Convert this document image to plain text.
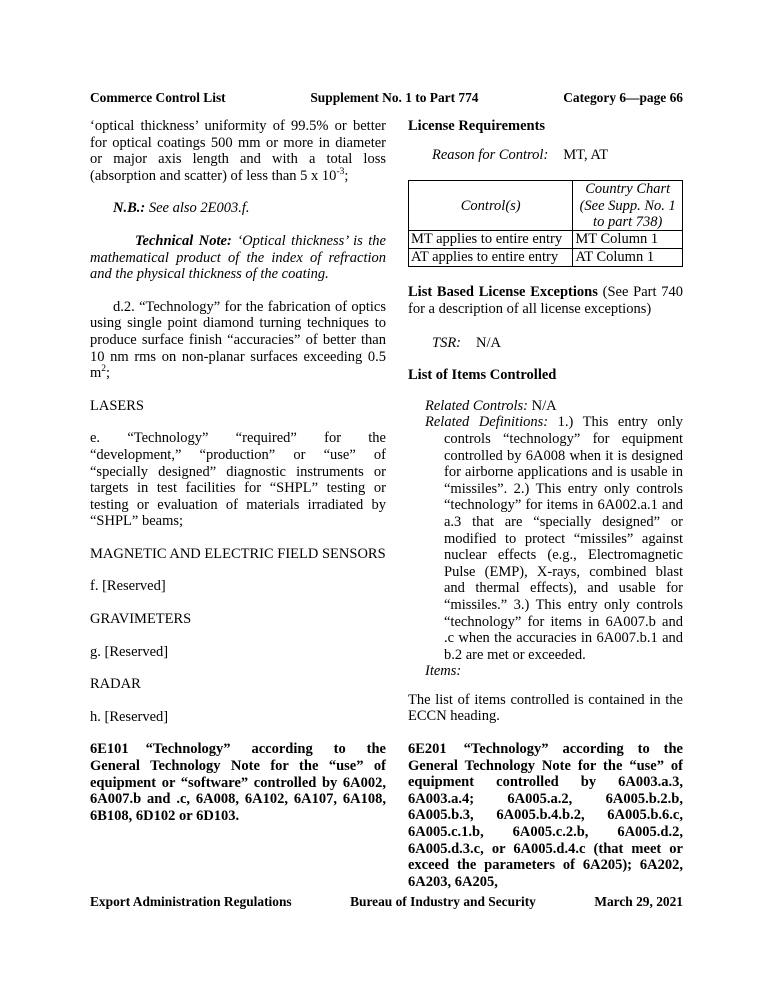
Commerce Control List	Supplement No. 1 to Part 774	Category 6—page 66

‘optical thickness’ uniformity of 99.5% or better for optical coatings 500 mm or more in diameter or major axis length and with a total loss (absorption and scatter) of less than 5 x $10^{-3}$;

N.B.: See also 2E003.f.

Technical Note: ‘Optical thickness’ is the mathematical product of the index of refraction and the physical thickness of the coating.

d.2. “Technology” for the fabrication of optics using single point diamond turning techniques to produce surface finish “accuracies” of better than 10 nm rms on non-planar surfaces exceeding 0.5 $m^2$;

LASERS

e. “Technology” “required” for the “development,” “production” or “use” of “specially designed” diagnostic instruments or targets in test facilities for “SHPL” testing or testing or evaluation of materials irradiated by “SHPL” beams;

MAGNETIC AND ELECTRIC FIELD SENSORS

f. [Reserved]

GRAVIMETERS

g. [Reserved]

RADAR

h. [Reserved]

6E101 “Technology” according to the General Technology Note for the “use” of equipment or “software” controlled by 6A002, 6A007.b and .c, 6A008, 6A102, 6A107, 6A108, 6B108, 6D102 or 6D103.

License Requirements

Reason for Control: MT, AT

Control(s)	Country Chart (See Supp. No. 1 to part 738)
MT applies to entire entry	MT Column 1
AT applies to entire entry	AT Column 1

List Based License Exceptions (See Part 740 for a description of all license exceptions)

TSR: N/A

List of Items Controlled

Related Controls: N/A

Related Definitions: 1.) This entry only controls “technology” for equipment controlled by 6A008 when it is designed for airborne applications and is usable in “missiles”. 2.) This entry only controls “technology” for items in 6A002.a.1 and a.3 that are “specially designed” or modified to protect “missiles” against nuclear effects (e.g., Electromagnetic Pulse (EMP), X-rays, combined blast and thermal effects), and usable for “missiles.” 3.) This entry only controls “technology” for items in 6A007.b and .c when the accuracies in 6A007.b.1 and b.2 are met or exceeded.

Items:

The list of items controlled is contained in the ECCN heading.

6E201 “Technology” according to the General Technology Note for the “use” of equipment controlled by 6A003.a.3, 6A003.a.4; 6A005.a.2, 6A005.b.2.b, 6A005.b.3, 6A005.b.4.b.2, 6A005.b.6.c, 6A005.c.1.b, 6A005.c.2.b, 6A005.d.2, 6A005.d.3.c, or 6A005.d.4.c (that meet or exceed the parameters of 6A205); 6A202, 6A203, 6A205,

Export Administration Regulations	Bureau of Industry and Security	March 29, 2021
